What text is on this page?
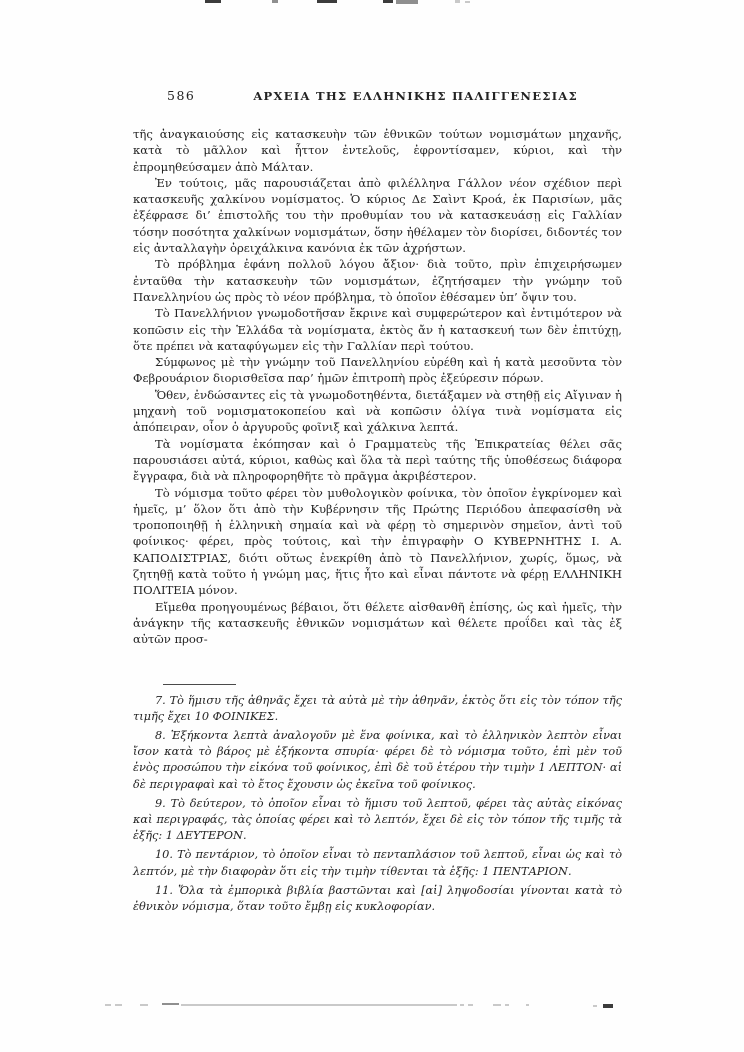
586	ΑΡΧΕΙΑ ΤΗΣ ΕΛΛΗΝΙΚΗΣ ΠΑΛΙΓΓΕΝΕΣΙΑΣ

τῆς ἀναγκαιούσης εἰς κατασκευὴν τῶν ἐθνικῶν τούτων νομισμάτων μηχανῆς, κατὰ τὸ μᾶλλον καὶ ἧττον ἐντελοῦς, ἐφροντίσαμεν, κύριοι, καὶ τὴν ἐπρομηθεύσαμεν ἀπὸ Μάλταν.

Ἐν τούτοις, μᾶς παρουσιάζεται ἀπὸ φιλέλληνα Γάλλον νέον σχέδιον περὶ κατασκευῆς χαλκίνου νομίσματος. Ὁ κύριος Δε Σαὶντ Κροά, ἐκ Παρισίων, μᾶς ἐξέφρασε δι’ ἐπιστολῆς του τὴν προθυμίαν του νὰ κατασκευάσῃ εἰς Γαλλίαν τόσην ποσότητα χαλκίνων νομισμάτων, ὅσην ἠθέλαμεν τὸν διορίσει, διδοντές τον εἰς ἀνταλλαγὴν ὀρειχάλκινα κανόνια ἐκ τῶν ἀχρήστων.

Τὸ πρόβλημα ἐφάνη πολλοῦ λόγου ἄξιον· διὰ τοῦτο, πρὶν ἐπιχειρήσωμεν ἐνταῦθα τὴν κατασκευὴν τῶν νομισμάτων, ἐζητήσαμεν τὴν γνώμην τοῦ Πανελληνίου ὡς πρὸς τὸ νέον πρόβλημα, τὸ ὁποῖον ἐθέσαμεν ὑπ’ ὄψιν του.

Τὸ Πανελλήνιον γνωμοδοτῆσαν ἔκρινε καὶ συμφερώτερον καὶ ἐντιμότερον νὰ κοπῶσιν εἰς τὴν Ἑλλάδα τὰ νομίσματα, ἐκτὸς ἄν ἡ κατασκευή των δὲν ἐπιτύχῃ, ὅτε πρέπει νὰ καταφύγωμεν εἰς τὴν Γαλλίαν περὶ τούτου.

Σύμφωνος μὲ τὴν γνώμην τοῦ Πανελληνίου εὑρέθη καὶ ἡ κατὰ μεσοῦντα τὸν Φεβρουάριον διορισθεῖσα παρ’ ἡμῶν ἐπιτροπὴ πρὸς ἐξεύρεσιν πόρων.

Ὅθεν, ἐνδώσαντες εἰς τὰ γνωμοδοτηθέντα, διετάξαμεν νὰ στηθῇ εἰς Αἴγιναν ἡ μηχανὴ τοῦ νομισματοκοπείου καὶ νὰ κοπῶσιν ὀλίγα τινὰ νομίσματα εἰς ἀπόπειραν, οἷον ὁ ἀργυροῦς φοῖνιξ καὶ χάλκινα λεπτά.

Τὰ νομίσματα ἐκόπησαν καὶ ὁ Γραμματεὺς τῆς Ἐπικρατείας θέλει σᾶς παρουσιάσει αὐτά, κύριοι, καθὼς καὶ ὅλα τὰ περὶ ταύτης τῆς ὑποθέσεως διάφορα ἔγγραφα, διὰ νὰ πληροφορηθῆτε τὸ πρᾶγμα ἀκριβέστερον.

Τὸ νόμισμα τοῦτο φέρει τὸν μυθολογικὸν φοίνικα, τὸν ὁποῖον ἐγκρίνομεν καὶ ἡμεῖς, μ’ ὅλον ὅτι ἀπὸ τὴν Κυβέρνησιν τῆς Πρώτης Περιόδου ἀπεφασίσθη νὰ τροποποιηθῇ ἡ ἑλληνικὴ σημαία καὶ νὰ φέρῃ τὸ σημερινὸν σημεῖον, ἀντὶ τοῦ φοίνικος· φέρει, πρὸς τούτοις, καὶ τὴν ἐπιγραφὴν Ο ΚΥΒΕΡΝΗΤΗΣ Ι. Α. ΚΑΠΟΔΙΣΤΡΙΑΣ, διότι οὕτως ἐνεκρίθη ἀπὸ τὸ Πανελλήνιον, χωρίς, ὅμως, νὰ ζητηθῇ κατὰ τοῦτο ἡ γνώμη μας, ἥτις ἦτο καὶ εἶναι πάντοτε νὰ φέρῃ ΕΛΛΗΝΙΚΗ ΠΟΛΙΤΕΙΑ μόνον.

Εἴμεθα προηγουμένως βέβαιοι, ὅτι θέλετε αἰσθανθῆ ἐπίσης, ὡς καὶ ἡμεῖς, τὴν ἀνάγκην τῆς κατασκευῆς ἐθνικῶν νομισμάτων καὶ θέλετε προΐδει καὶ τὰς ἐξ αὐτῶν προσ-

7. Τὸ ἥμισυ τῆς ἀθηνᾶς ἔχει τὰ αὐτὰ μὲ τὴν ἀθηνᾶν, ἐκτὸς ὅτι εἰς τὸν τόπον τῆς τιμῆς ἔχει 10 ΦΟΙΝΙΚΕΣ.

8. Ἑξήκοντα λεπτὰ ἀναλογοῦν μὲ ἕνα φοίνικα, καὶ τὸ ἑλληνικὸν λεπτὸν εἶναι ἴσον κατὰ τὸ βάρος μὲ ἑξήκοντα σπυρία· φέρει δὲ τὸ νόμισμα τοῦτο, ἐπὶ μὲν τοῦ ἑνὸς προσώπου τὴν εἰκόνα τοῦ φοίνικος, ἐπὶ δὲ τοῦ ἑτέρου τὴν τιμὴν 1 ΛΕΠΤΟΝ· αἱ δὲ περιγραφαὶ καὶ τὸ ἔτος ἔχουσιν ὡς ἐκεῖνα τοῦ φοίνικος.

9. Τὸ δεύτερον, τὸ ὁποῖον εἶναι τὸ ἥμισυ τοῦ λεπτοῦ, φέρει τὰς αὐτὰς εἰκόνας καὶ περιγραφάς, τὰς ὁποίας φέρει καὶ τὸ λεπτόν, ἔχει δὲ εἰς τὸν τόπον τῆς τιμῆς τὰ ἑξῆς: 1 ΔΕΥΤΕΡΟΝ.

10. Τὸ πεντάριον, τὸ ὁποῖον εἶναι τὸ πενταπλάσιον τοῦ λεπτοῦ, εἶναι ὡς καὶ τὸ λεπτόν, μὲ τὴν διαφορὰν ὅτι εἰς τὴν τιμὴν τίθενται τὰ ἑξῆς: 1 ΠΕΝΤΑΡΙΟΝ.

11. Ὅλα τὰ ἐμπορικὰ βιβλία βαστῶνται καὶ [αἱ] ληψοδοσίαι γίνονται κατὰ τὸ ἐθνικὸν νόμισμα, ὅταν τοῦτο ἔμβῃ εἰς κυκλοφορίαν.
